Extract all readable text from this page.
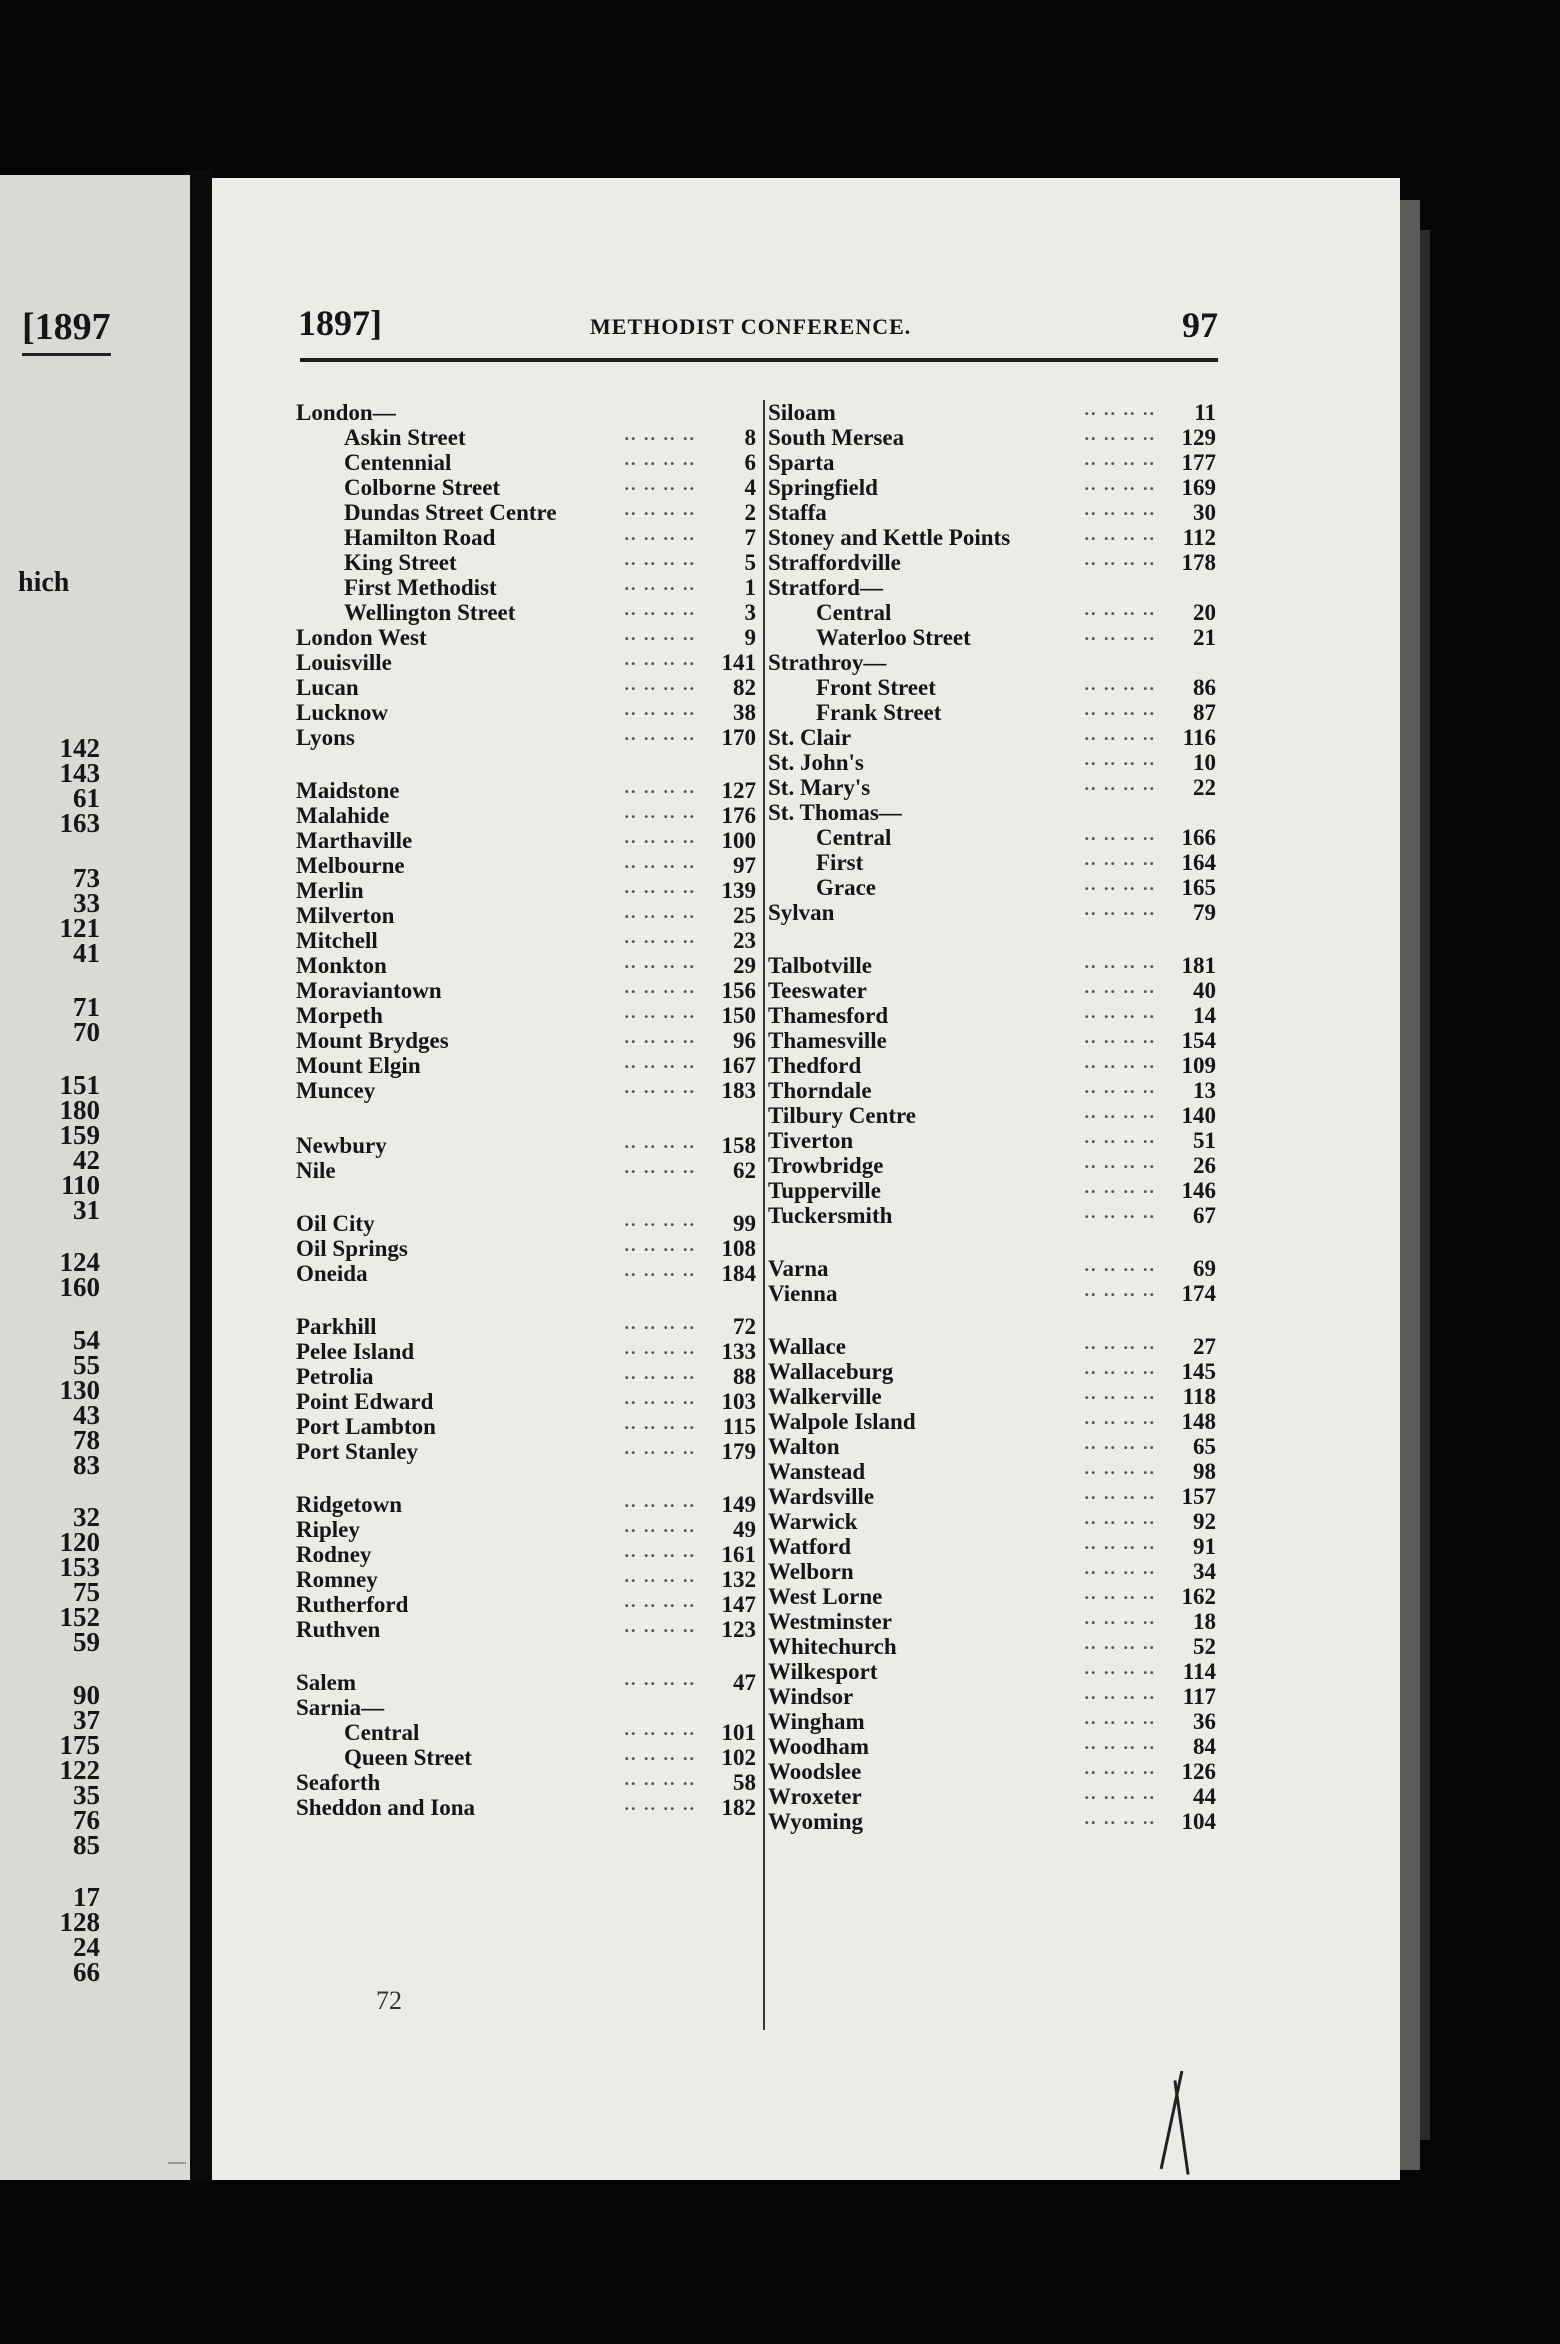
[1897
hich
142
143
61
163
73
33
121
41
71
70
151
180
159
42
110
31
124
160
54
55
130
43
78
83
32
120
153
75
152
59
90
37
175
122
35
76
85
17
128
24
66
1897]	METHODIST CONFERENCE.	97
London—
Askin Street	.. .. .. .. 8
Centennial	.. .. .. .. 6
Colborne Street	.. .. .. .. 4
Dundas Street Centre	.. .. .. .. 2
Hamilton Road	.. .. .. .. 7
King Street	.. .. .. .. 5
First Methodist	.. .. .. .. 1
Wellington Street	.. .. .. .. 3
London West	.. .. .. .. 9
Louisville	.. .. .. .. 141
Lucan	.. .. .. .. 82
Lucknow	.. .. .. .. 38
Lyons	.. .. .. .. 170
Maidstone	.. .. .. .. 127
Malahide	.. .. .. .. 176
Marthaville	.. .. .. .. 100
Melbourne	.. .. .. .. 97
Merlin	.. .. .. .. 139
Milverton	.. .. .. .. 25
Mitchell	.. .. .. .. 23
Monkton	.. .. .. .. 29
Moraviantown	.. .. .. .. 156
Morpeth	.. .. .. .. 150
Mount Brydges	.. .. .. .. 96
Mount Elgin	.. .. .. .. 167
Muncey	.. .. .. .. 183
Newbury	.. .. .. .. 158
Nile	.. .. .. .. 62
Oil City	.. .. .. .. 99
Oil Springs	.. .. .. .. 108
Oneida	.. .. .. .. 184
Parkhill	.. .. .. .. 72
Pelee Island	.. .. .. .. 133
Petrolia	.. .. .. .. 88
Point Edward	.. .. .. .. 103
Port Lambton	.. .. .. .. 115
Port Stanley	.. .. .. .. 179
Ridgetown	.. .. .. .. 149
Ripley	.. .. .. .. 49
Rodney	.. .. .. .. 161
Romney	.. .. .. .. 132
Rutherford	.. .. .. .. 147
Ruthven	.. .. .. .. 123
Salem	.. .. .. .. 47
Sarnia—
Central	.. .. .. .. 101
Queen Street	.. .. .. .. 102
Seaforth	.. .. .. .. 58
Sheddon and Iona	.. .. .. .. 182
Siloam	.. .. .. .. 11
South Mersea	.. .. .. .. 129
Sparta	.. .. .. .. 177
Springfield	.. .. .. .. 169
Staffa	.. .. .. .. 30
Stoney and Kettle Points	.. .. .. .. 112
Straffordville	.. .. .. .. 178
Stratford—
Central	.. .. .. .. 20
Waterloo Street	.. .. .. .. 21
Strathroy—
Front Street	.. .. .. .. 86
Frank Street	.. .. .. .. 87
St. Clair	.. .. .. .. 116
St. John's	.. .. .. .. 10
St. Mary's	.. .. .. .. 22
St. Thomas—
Central	.. .. .. .. 166
First	.. .. .. .. 164
Grace	.. .. .. .. 165
Sylvan	.. .. .. .. 79
Talbotville	.. .. .. .. 181
Teeswater	.. .. .. .. 40
Thamesford	.. .. .. .. 14
Thamesville	.. .. .. .. 154
Thedford	.. .. .. .. 109
Thorndale	.. .. .. .. 13
Tilbury Centre	.. .. .. .. 140
Tiverton	.. .. .. .. 51
Trowbridge	.. .. .. .. 26
Tupperville	.. .. .. .. 146
Tuckersmith	.. .. .. .. 67
Varna	.. .. .. .. 69
Vienna	.. .. .. .. 174
Wallace	.. .. .. .. 27
Wallaceburg	.. .. .. .. 145
Walkerville	.. .. .. .. 118
Walpole Island	.. .. .. .. 148
Walton	.. .. .. .. 65
Wanstead	.. .. .. .. 98
Wardsville	.. .. .. .. 157
Warwick	.. .. .. .. 92
Watford	.. .. .. .. 91
Welborn	.. .. .. .. 34
West Lorne	.. .. .. .. 162
Westminster	.. .. .. .. 18
Whitechurch	.. .. .. .. 52
Wilkesport	.. .. .. .. 114
Windsor	.. .. .. .. 117
Wingham	.. .. .. .. 36
Woodham	.. .. .. .. 84
Woodslee	.. .. .. .. 126
Wroxeter	.. .. .. .. 44
Wyoming	.. .. .. .. 104
72
